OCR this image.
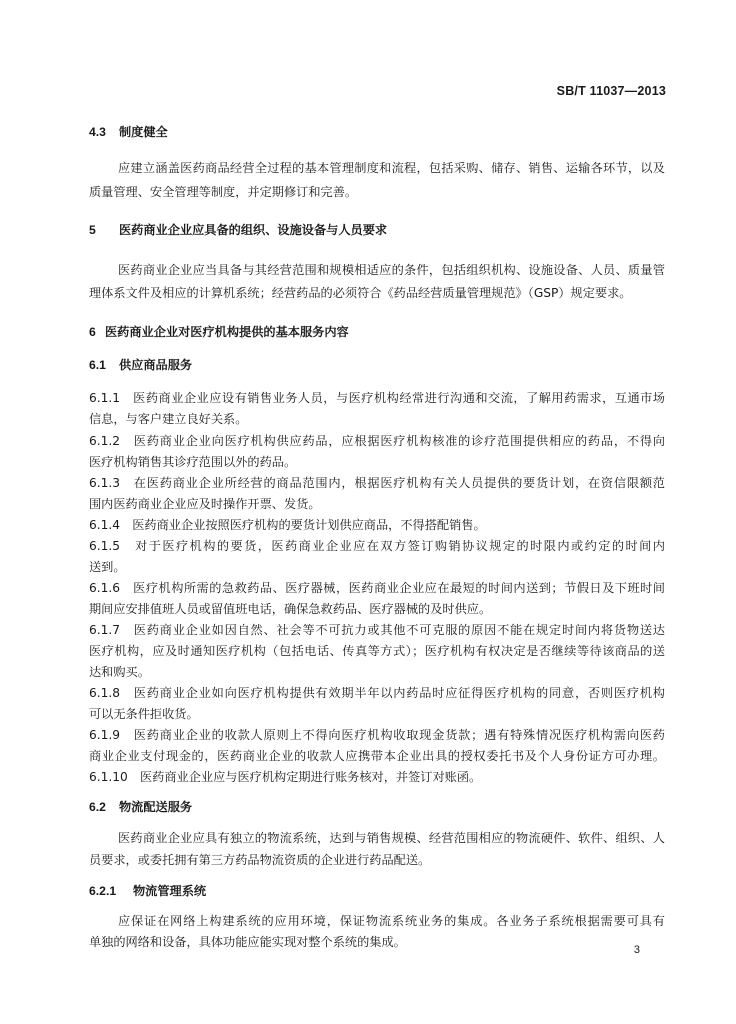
SB/T 11037—2013
4.3 制度健全
应建立涵盖医药商品经营全过程的基本管理制度和流程，包括采购、储存、销售、运输各环节，以及
质量管理、安全管理等制度，并定期修订和完善。
5 医药商业企业应具备的组织、设施设备与人员要求
医药商业企业应当具备与其经营范围和规模相适应的条件，包括组织机构、设施设备、人员、质量管
理体系文件及相应的计算机系统；经营药品的必须符合《药品经营质量管理规范》（GSP）规定要求。
6 医药商业企业对医疗机构提供的基本服务内容
6.1 供应商品服务
6.1.1　医药商业企业应设有销售业务人员，与医疗机构经常进行沟通和交流，了解用药需求，互通市场
信息，与客户建立良好关系。
6.1.2　医药商业企业向医疗机构供应药品，应根据医疗机构核准的诊疗范围提供相应的药品，不得向
医疗机构销售其诊疗范围以外的药品。
6.1.3　在医药商业企业所经营的商品范围内，根据医疗机构有关人员提供的要货计划，在资信限额范
围内医药商业企业应及时操作开票、发货。
6.1.4　医药商业企业按照医疗机构的要货计划供应商品，不得搭配销售。
6.1.5　对于医疗机构的要货，医药商业企业应在双方签订购销协议规定的时限内或约定的时间内
送到。
6.1.6　医疗机构所需的急救药品、医疗器械，医药商业企业应在最短的时间内送到；节假日及下班时间
期间应安排值班人员或留值班电话，确保急救药品、医疗器械的及时供应。
6.1.7　医药商业企业如因自然、社会等不可抗力或其他不可克服的原因不能在规定时间内将货物送达
医疗机构，应及时通知医疗机构（包括电话、传真等方式）；医疗机构有权决定是否继续等待该商品的送
达和购买。
6.1.8　医药商业企业如向医疗机构提供有效期半年以内药品时应征得医疗机构的同意，否则医疗机构
可以无条件拒收货。
6.1.9　医药商业企业的收款人原则上不得向医疗机构收取现金货款；遇有特殊情况医疗机构需向医药
商业企业支付现金的，医药商业企业的收款人应携带本企业出具的授权委托书及个人身份证方可办理。
6.1.10　医药商业企业应与医疗机构定期进行账务核对，并签订对账函。
6.2 物流配送服务
医药商业企业应具有独立的物流系统，达到与销售规模、经营范围相应的物流硬件、软件、组织、人
员要求，或委托拥有第三方药品物流资质的企业进行药品配送。
6.2.1 物流管理系统
应保证在网络上构建系统的应用环境，保证物流系统业务的集成。各业务子系统根据需要可具有
单独的网络和设备，具体功能应能实现对整个系统的集成。
3
